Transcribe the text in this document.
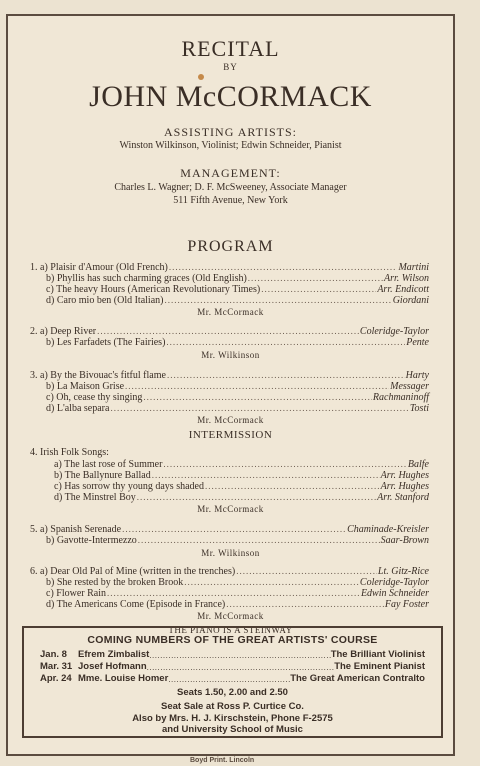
RECITAL
BY
JOHN McCORMACK
ASSISTING ARTISTS:
Winston Wilkinson, Violinist; Edwin Schneider, Pianist
MANAGEMENT:
Charles L. Wagner; D. F. McSweeney, Associate Manager
511 Fifth Avenue, New York
PROGRAM
1. a) Plaisir d'Amour (Old French) .....	Martini
b) Phyllis has such charming graces (Old English) .....	Arr. Wilson
c) The heavy Hours (American Revolutionary Times) .....	Arr. Endicott
d) Caro mio ben (Old Italian) .....	Giordani
Mr. McCormack
2. a) Deep River .....	Coleridge-Taylor
b) Les Farfadets (The Fairies) .....	Pente
Mr. Wilkinson
3. a) By the Bivouac's fitful flame .....	Harty
b) La Maison Grise .....	Messager
c) Oh, cease thy singing .....	Rachmaninoff
d) L'alba separa .....	Tosti
Mr. McCormack
INTERMISSION
4. Irish Folk Songs:
a) The last rose of Summer .....	Balfe
b) The Ballynure Ballad .....	Arr. Hughes
c) Has sorrow thy young days shaded .....	Arr. Hughes
d) The Minstrel Boy .....	Arr. Stanford
Mr. McCormack
5. a) Spanish Serenade .....	Chaminade-Kreisler
b) Gavotte-Intermezzo .....	Saar-Brown
Mr. Wilkinson
6. a) Dear Old Pal of Mine (written in the trenches) .....	Lt. Gitz-Rice
b) She rested by the broken Brook .....	Coleridge-Taylor
c) Flower Rain .....	Edwin Schneider
d) The Americans Come (Episode in France) .....	Fay Foster
Mr. McCormack
THE PIANO IS A STEINWAY
COMING NUMBERS OF THE GREAT ARTISTS' COURSE
Jan. 8	Efrem Zimbalist .....	The Brilliant Violinist
Mar. 31 Josef Hofmann .....	The Eminent Pianist
Apr. 24 Mme. Louise Homer .....	The Great American Contralto
Seats 1.50, 2.00 and 2.50
Seat Sale at Ross P. Curtice Co.
Also by Mrs. H. J. Kirschstein, Phone F-2575
and University School of Music
Boyd Print. Lincoln
